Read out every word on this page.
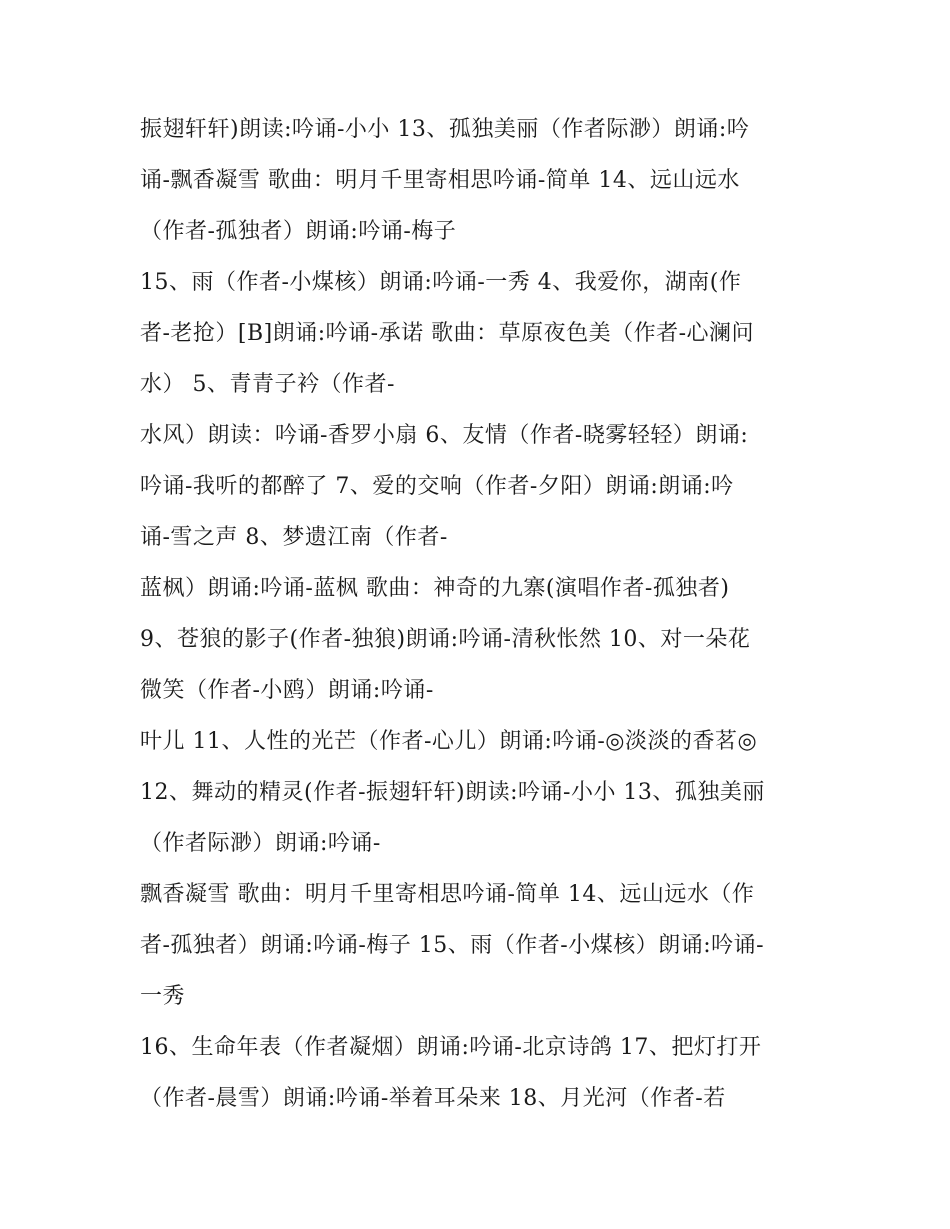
振翅轩轩)朗读:吟诵-小小 13、孤独美丽（作者际渺）朗诵:吟
诵-飘香凝雪 歌曲：明月千里寄相思吟诵-简单 14、远山远水
（作者-孤独者）朗诵:吟诵-梅子
15、雨（作者-小煤核）朗诵:吟诵-一秀 4、我爱你，湖南(作
者-老抢）[B]朗诵:吟诵-承诺 歌曲：草原夜色美（作者-心澜问
水） 5、青青子衿（作者-
水风）朗读：吟诵-香罗小扇 6、友情（作者-晓雾轻轻）朗诵:
吟诵-我听的都醉了 7、爱的交响（作者-夕阳）朗诵:朗诵:吟
诵-雪之声 8、梦遗江南（作者-
蓝枫）朗诵:吟诵-蓝枫 歌曲：神奇的九寨(演唱作者-孤独者)
9、苍狼的影子(作者-独狼)朗诵:吟诵-清秋怅然 10、对一朵花
微笑（作者-小鸥）朗诵:吟诵-
叶儿 11、人性的光芒（作者-心儿）朗诵:吟诵-◎淡淡的香茗◎
12、舞动的精灵(作者-振翅轩轩)朗读:吟诵-小小 13、孤独美丽
（作者际渺）朗诵:吟诵-
飘香凝雪 歌曲：明月千里寄相思吟诵-简单 14、远山远水（作
者-孤独者）朗诵:吟诵-梅子 15、雨（作者-小煤核）朗诵:吟诵-
一秀
16、生命年表（作者凝烟）朗诵:吟诵-北京诗鸽 17、把灯打开
（作者-晨雪）朗诵:吟诵-举着耳朵来 18、月光河（作者-若
